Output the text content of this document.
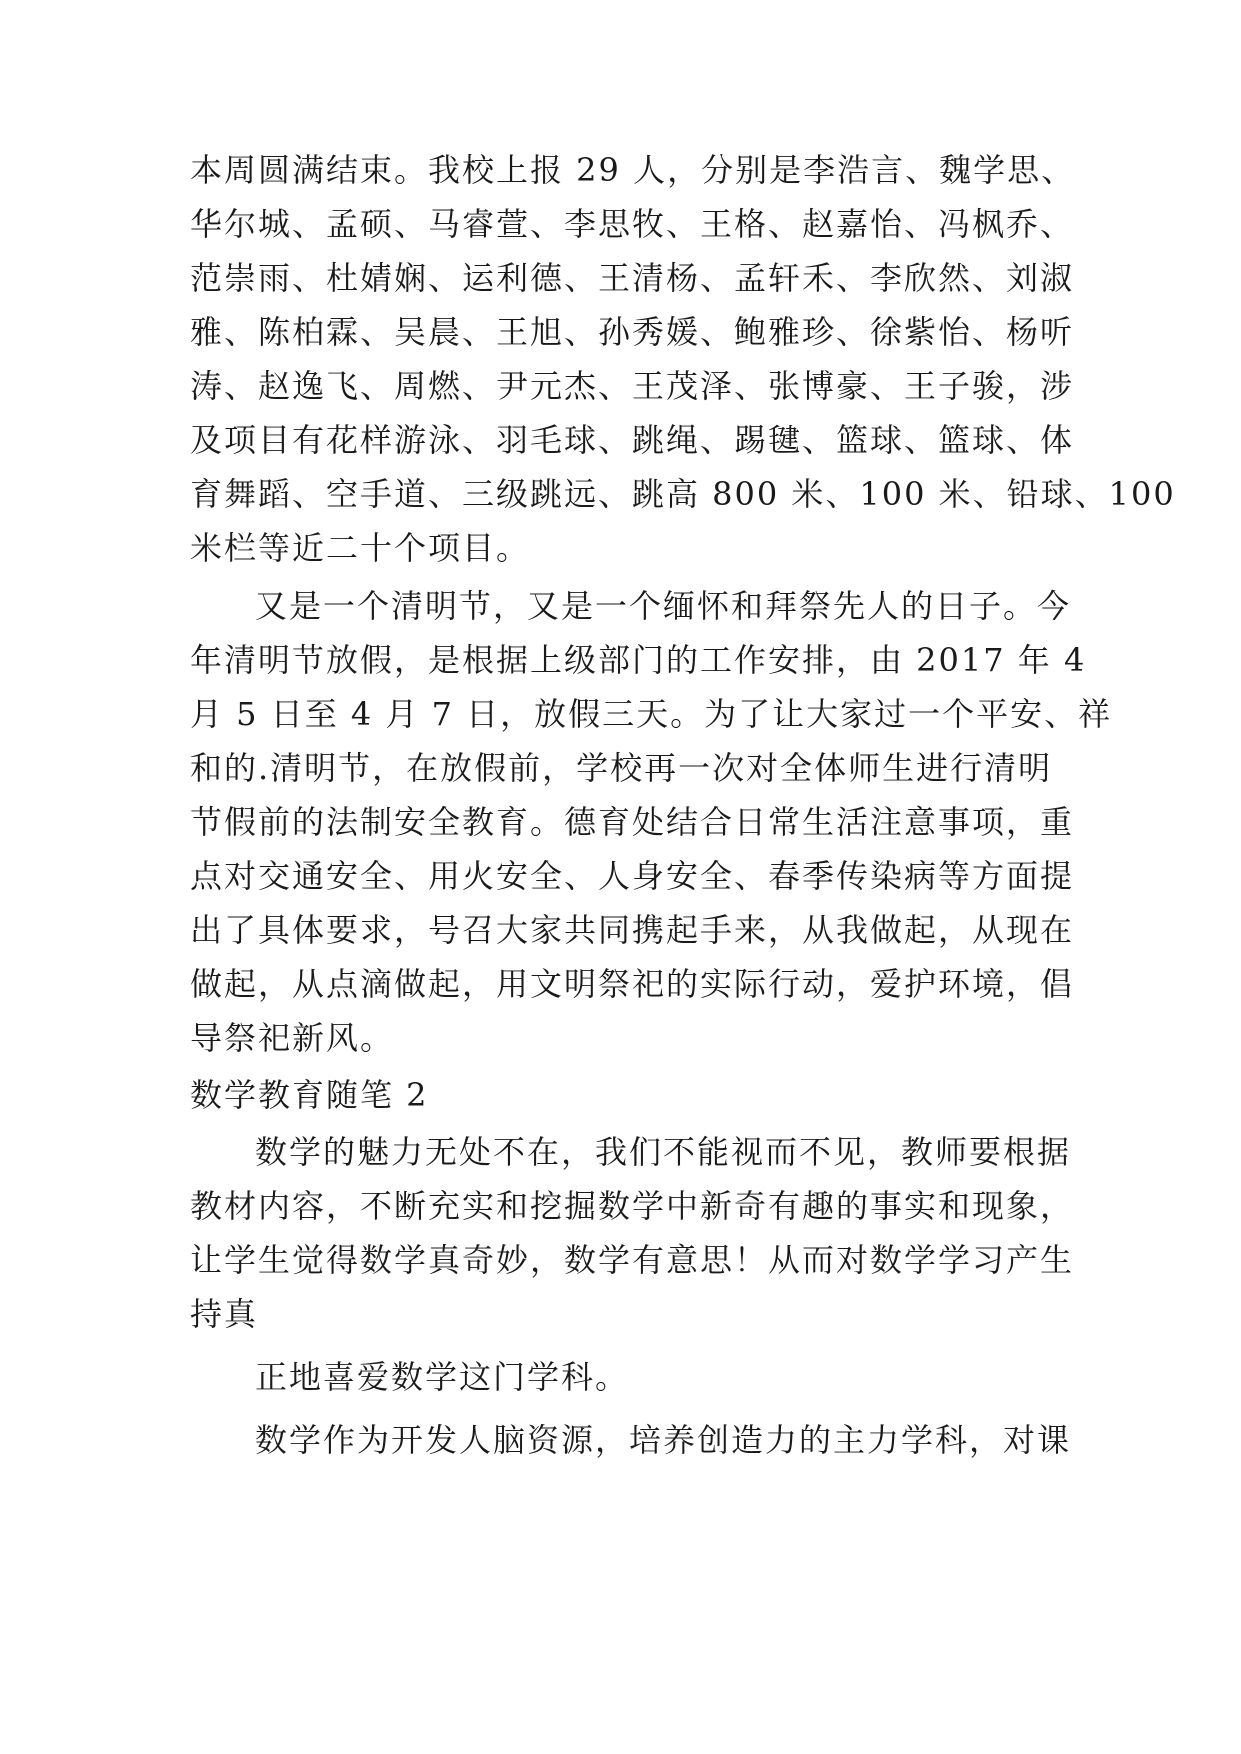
本周圆满结束。我校上报 29 人，分别是李浩言、魏学思、
华尔城、孟硕、马睿萱、李思牧、王格、赵嘉怡、冯枫乔、
范崇雨、杜婧娴、运利德、王清杨、孟轩禾、李欣然、刘淑
雅、陈柏霖、吴晨、王旭、孙秀媛、鲍雅珍、徐紫怡、杨听
涛、赵逸飞、周燃、尹元杰、王茂泽、张博豪、王子骏，涉
及项目有花样游泳、羽毛球、跳绳、踢毽、篮球、篮球、体
育舞蹈、空手道、三级跳远、跳高 800 米、100 米、铅球、100
米栏等近二十个项目。
又是一个清明节，又是一个缅怀和拜祭先人的日子。今
年清明节放假，是根据上级部门的工作安排，由 2017 年 4
月 5 日至 4 月 7 日，放假三天。为了让大家过一个平安、祥
和的.清明节，在放假前，学校再一次对全体师生进行清明
节假前的法制安全教育。德育处结合日常生活注意事项，重
点对交通安全、用火安全、人身安全、春季传染病等方面提
出了具体要求，号召大家共同携起手来，从我做起，从现在
做起，从点滴做起，用文明祭祀的实际行动，爱护环境，倡
导祭祀新风。
数学教育随笔 2
数学的魅力无处不在，我们不能视而不见，教师要根据
教材内容，不断充实和挖掘数学中新奇有趣的事实和现象，
让学生觉得数学真奇妙，数学有意思！从而对数学学习产生
持真
正地喜爱数学这门学科。
数学作为开发人脑资源，培养创造力的主力学科，对课
